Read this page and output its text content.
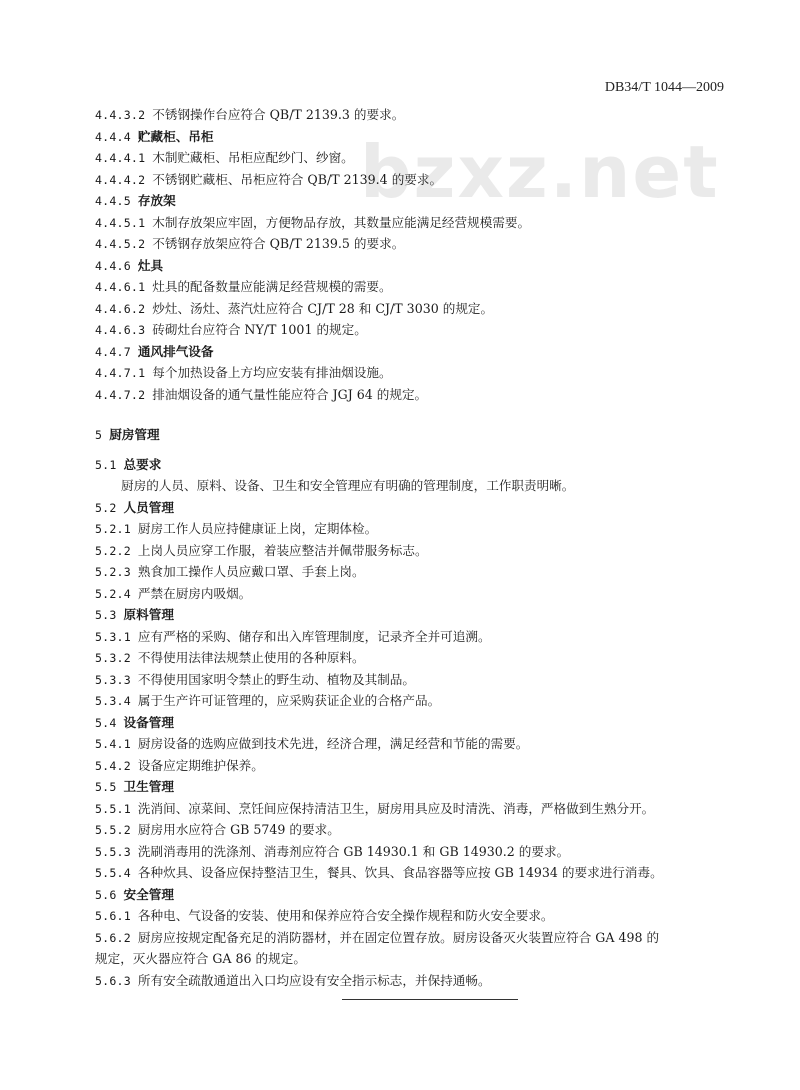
DB34/T 1044—2009
bzxz.net
4.4.3.2 不锈钢操作台应符合 QB/T 2139.3 的要求。
4.4.4 贮藏柜、吊柜
4.4.4.1 木制贮藏柜、吊柜应配纱门、纱窗。
4.4.4.2 不锈钢贮藏柜、吊柜应符合 QB/T 2139.4 的要求。
4.4.5 存放架
4.4.5.1 木制存放架应牢固，方便物品存放，其数量应能满足经营规模需要。
4.4.5.2 不锈钢存放架应符合 QB/T 2139.5 的要求。
4.4.6 灶具
4.4.6.1 灶具的配备数量应能满足经营规模的需要。
4.4.6.2 炒灶、汤灶、蒸汽灶应符合 CJ/T 28 和 CJ/T 3030 的规定。
4.4.6.3 砖砌灶台应符合 NY/T 1001 的规定。
4.4.7 通风排气设备
4.4.7.1 每个加热设备上方均应安装有排油烟设施。
4.4.7.2 排油烟设备的通气量性能应符合 JGJ 64 的规定。
5 厨房管理
5.1 总要求
厨房的人员、原料、设备、卫生和安全管理应有明确的管理制度，工作职责明晰。
5.2 人员管理
5.2.1 厨房工作人员应持健康证上岗，定期体检。
5.2.2 上岗人员应穿工作服，着装应整洁并佩带服务标志。
5.2.3 熟食加工操作人员应戴口罩、手套上岗。
5.2.4 严禁在厨房内吸烟。
5.3 原料管理
5.3.1 应有严格的采购、储存和出入库管理制度，记录齐全并可追溯。
5.3.2 不得使用法律法规禁止使用的各种原料。
5.3.3 不得使用国家明令禁止的野生动、植物及其制品。
5.3.4 属于生产许可证管理的，应采购获证企业的合格产品。
5.4 设备管理
5.4.1 厨房设备的选购应做到技术先进，经济合理，满足经营和节能的需要。
5.4.2 设备应定期维护保养。
5.5 卫生管理
5.5.1 洗消间、凉菜间、烹饪间应保持清洁卫生，厨房用具应及时清洗、消毒，严格做到生熟分开。
5.5.2 厨房用水应符合 GB 5749 的要求。
5.5.3 洗刷消毒用的洗涤剂、消毒剂应符合 GB 14930.1 和 GB 14930.2 的要求。
5.5.4 各种炊具、设备应保持整洁卫生，餐具、饮具、食品容器等应按 GB 14934 的要求进行消毒。
5.6 安全管理
5.6.1 各种电、气设备的安装、使用和保养应符合安全操作规程和防火安全要求。
5.6.2 厨房应按规定配备充足的消防器材，并在固定位置存放。厨房设备灭火装置应符合 GA 498 的
规定，灭火器应符合 GA 86 的规定。
5.6.3 所有安全疏散通道出入口均应设有安全指示标志，并保持通畅。
